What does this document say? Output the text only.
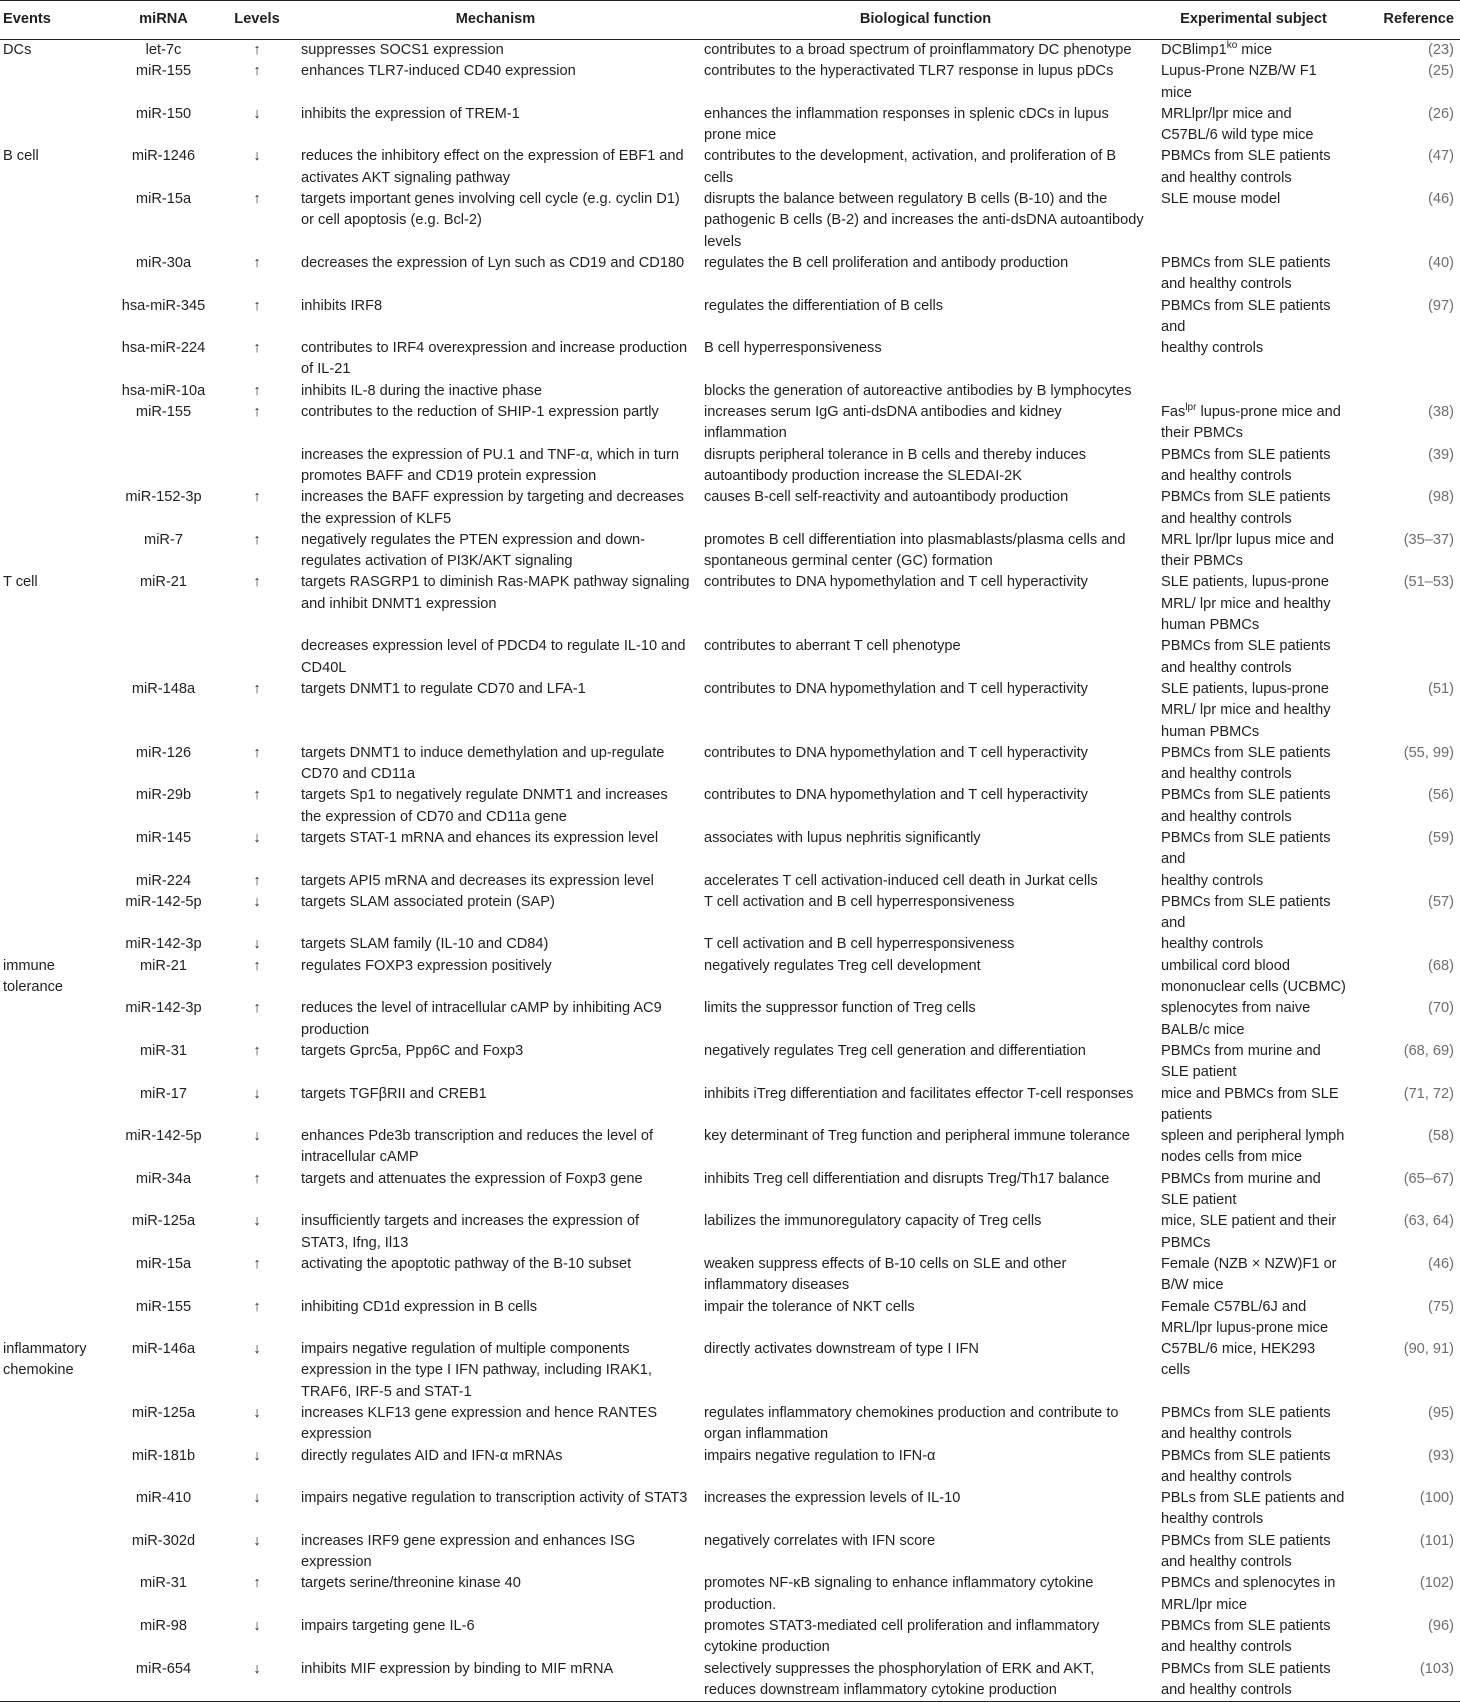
Events	miRNA	Levels	Mechanism	Biological function	Experimental subject	Reference
DCs	let-7c	↑	suppresses SOCS1 expression	contributes to a broad spectrum of proinflammatory DC phenotype	$DCBlimp1^{ko}$ mice	(23)
	miR-155	↑	enhances TLR7-induced CD40 expression	contributes to the hyperactivated TLR7 response in lupus pDCs	Lupus-Prone NZB/W F1 mice	(25)
	miR-150	↓	inhibits the expression of TREM-1	enhances the inflammation responses in splenic cDCs in lupus prone mice	MRLlpr/lpr mice and C57BL/6 wild type mice	(26)
B cell	miR-1246	↓	reduces the inhibitory effect on the expression of EBF1 and activates AKT signaling pathway	contributes to the development, activation, and proliferation of B cells	PBMCs from SLE patients and healthy controls	(47)
	miR-15a	↑	targets important genes involving cell cycle (e.g. cyclin D1) or cell apoptosis (e.g. Bcl-2)	disrupts the balance between regulatory B cells (B-10) and the pathogenic B cells (B-2) and increases the anti-dsDNA autoantibody levels	SLE mouse model	(46)
	miR-30a	↑	decreases the expression of Lyn such as CD19 and CD180	regulates the B cell proliferation and antibody production	PBMCs from SLE patients and healthy controls	(40)
	hsa-miR-345	↑	inhibits IRF8	regulates the differentiation of B cells	PBMCs from SLE patients and	(97)
	hsa-miR-224	↑	contributes to IRF4 overexpression and increase production of IL-21	B cell hyperresponsiveness	healthy controls	
	hsa-miR-10a	↑	inhibits IL-8 during the inactive phase	blocks the generation of autoreactive antibodies by B lymphocytes		
	miR-155	↑	contributes to the reduction of SHIP-1 expression partly	increases serum IgG anti-dsDNA antibodies and kidney inflammation	Fas$^{lpr}$ lupus-prone mice and their PBMCs	(38)
			increases the expression of PU.1 and TNF-α, which in turn promotes BAFF and CD19 protein expression	disrupts peripheral tolerance in B cells and thereby induces autoantibody production increase the SLEDAI-2K	PBMCs from SLE patients and healthy controls	(39)
	miR-152-3p	↑	increases the BAFF expression by targeting and decreases the expression of KLF5	causes B-cell self-reactivity and autoantibody production	PBMCs from SLE patients and healthy controls	(98)
	miR-7	↑	negatively regulates the PTEN expression and down-regulates activation of PI3K/AKT signaling	promotes B cell differentiation into plasmablasts/plasma cells and spontaneous germinal center (GC) formation	MRL lpr/lpr lupus mice and their PBMCs	(35–37)
T cell	miR-21	↑	targets RASGRP1 to diminish Ras-MAPK pathway signaling and inhibit DNMT1 expression	contributes to DNA hypomethylation and T cell hyperactivity	SLE patients, lupus-prone MRL/ lpr mice and healthy human PBMCs	(51–53)
			decreases expression level of PDCD4 to regulate IL-10 and CD40L	contributes to aberrant T cell phenotype	PBMCs from SLE patients and healthy controls	
	miR-148a	↑	targets DNMT1 to regulate CD70 and LFA-1	contributes to DNA hypomethylation and T cell hyperactivity	SLE patients, lupus-prone MRL/ lpr mice and healthy human PBMCs	(51)
	miR-126	↑	targets DNMT1 to induce demethylation and up-regulate CD70 and CD11a	contributes to DNA hypomethylation and T cell hyperactivity	PBMCs from SLE patients and healthy controls	(55, 99)
	miR-29b	↑	targets Sp1 to negatively regulate DNMT1 and increases the expression of CD70 and CD11a gene	contributes to DNA hypomethylation and T cell hyperactivity	PBMCs from SLE patients and healthy controls	(56)
	miR-145	↓	targets STAT-1 mRNA and ehances its expression level	associates with lupus nephritis significantly	PBMCs from SLE patients and	(59)
	miR-224	↑	targets API5 mRNA and decreases its expression level	accelerates T cell activation-induced cell death in Jurkat cells	healthy controls	
	miR-142-5p	↓	targets SLAM associated protein (SAP)	T cell activation and B cell hyperresponsiveness	PBMCs from SLE patients and	(57)
	miR-142-3p	↓	targets SLAM family (IL-10 and CD84)	T cell activation and B cell hyperresponsiveness	healthy controls	
immune tolerance	miR-21	↑	regulates FOXP3 expression positively	negatively regulates Treg cell development	umbilical cord blood mononuclear cells (UCBMC)	(68)
	miR-142-3p	↑	reduces the level of intracellular cAMP by inhibiting AC9 production	limits the suppressor function of Treg cells	splenocytes from naive BALB/c mice	(70)
	miR-31	↑	targets Gprc5a, Ppp6C and Foxp3	negatively regulates Treg cell generation and differentiation	PBMCs from murine and SLE patient	(68, 69)
	miR-17	↓	targets TGFβRII and CREB1	inhibits iTreg differentiation and facilitates effector T-cell responses	mice and PBMCs from SLE patients	(71, 72)
	miR-142-5p	↓	enhances Pde3b transcription and reduces the level of intracellular cAMP	key determinant of Treg function and peripheral immune tolerance	spleen and peripheral lymph nodes cells from mice	(58)
	miR-34a	↑	targets and attenuates the expression of Foxp3 gene	inhibits Treg cell differentiation and disrupts Treg/Th17 balance	PBMCs from murine and SLE patient	(65–67)
	miR-125a	↓	insufficiently targets and increases the expression of STAT3, Ifng, Il13	labilizes the immunoregulatory capacity of Treg cells	mice, SLE patient and their PBMCs	(63, 64)
	miR-15a	↑	activating the apoptotic pathway of the B-10 subset	weaken suppress effects of B-10 cells on SLE and other inflammatory diseases	Female (NZB × NZW)F1 or B/W mice	(46)
	miR-155	↑	inhibiting CD1d expression in B cells	impair the tolerance of NKT cells	Female C57BL/6J and MRL/lpr lupus-prone mice	(75)
inflammatory chemokine	miR-146a	↓	impairs negative regulation of multiple components expression in the type I IFN pathway, including IRAK1, TRAF6, IRF-5 and STAT-1	directly activates downstream of type I IFN	C57BL/6 mice, HEK293 cells	(90, 91)
	miR-125a	↓	increases KLF13 gene expression and hence RANTES expression	regulates inflammatory chemokines production and contribute to organ inflammation	PBMCs from SLE patients and healthy controls	(95)
	miR-181b	↓	directly regulates AID and IFN-α mRNAs	impairs negative regulation to IFN-α	PBMCs from SLE patients and healthy controls	(93)
	miR-410	↓	impairs negative regulation to transcription activity of STAT3	increases the expression levels of IL-10	PBLs from SLE patients and healthy controls	(100)
	miR-302d	↓	increases IRF9 gene expression and enhances ISG expression	negatively correlates with IFN score	PBMCs from SLE patients and healthy controls	(101)
	miR-31	↑	targets serine/threonine kinase 40	promotes NF-κB signaling to enhance inflammatory cytokine production.	PBMCs and splenocytes in MRL/lpr mice	(102)
	miR-98	↓	impairs targeting gene IL-6	promotes STAT3-mediated cell proliferation and inflammatory cytokine production	PBMCs from SLE patients and healthy controls	(96)
	miR-654	↓	inhibits MIF expression by binding to MIF mRNA	selectively suppresses the phosphorylation of ERK and AKT, reduces downstream inflammatory cytokine production	PBMCs from SLE patients and healthy controls	(103)
